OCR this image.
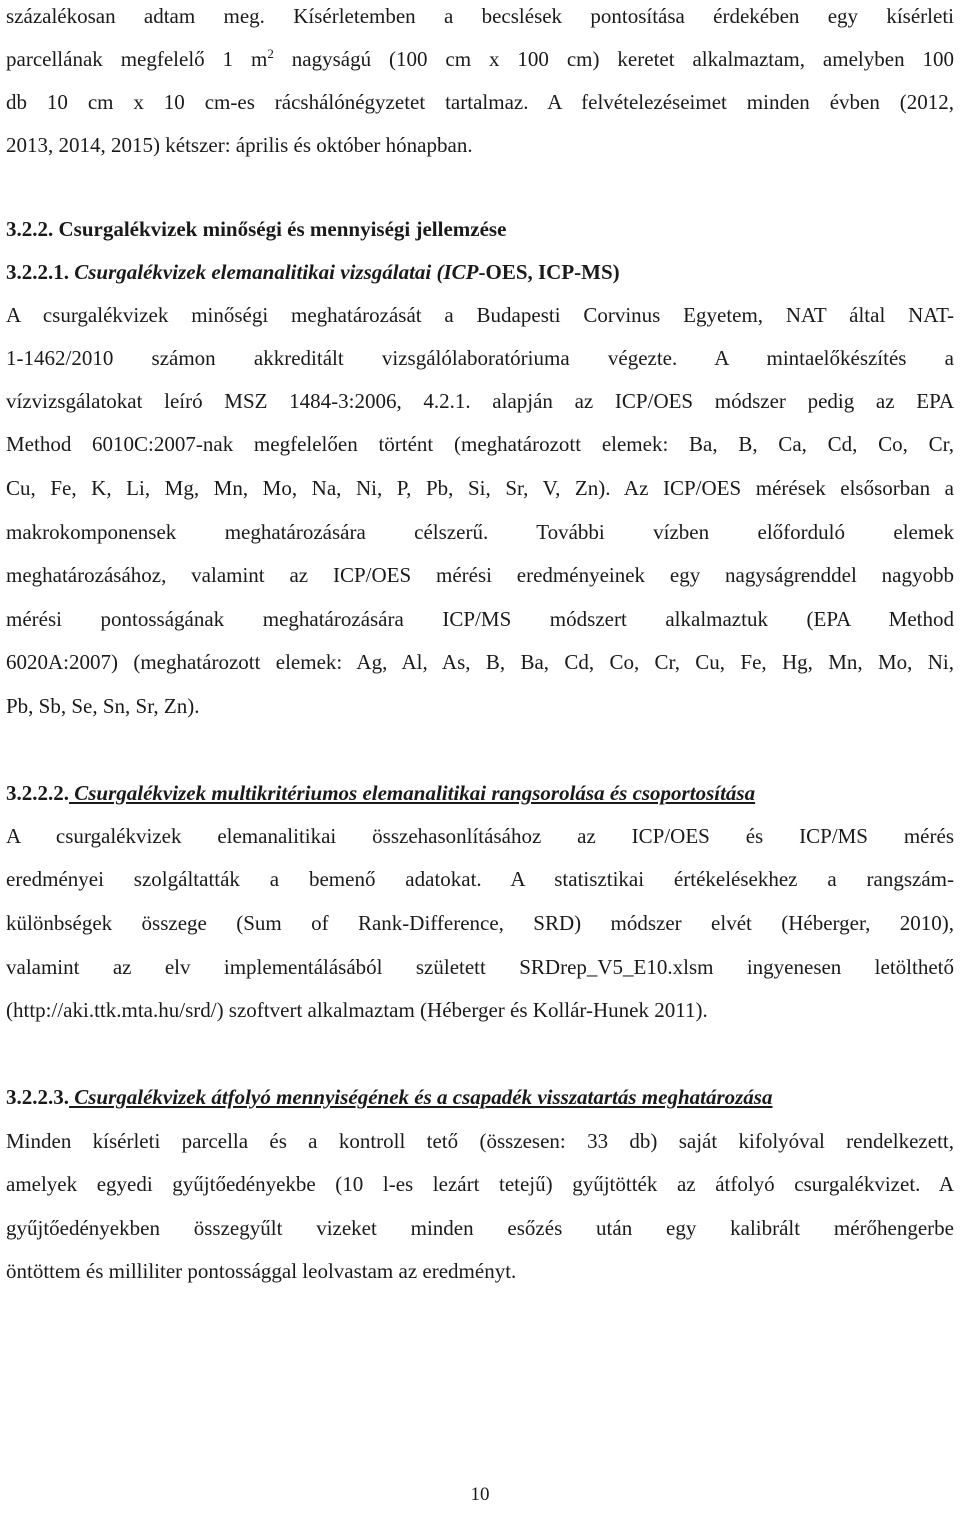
százalékosan adtam meg. Kísérletemben a becslések pontosítása érdekében egy kísérleti
parcellának megfelelő 1 $m^2$ nagyságú (100 cm x 100 cm) keretet alkalmaztam, amelyben 100
db 10 cm x 10 cm-es rácshálónégyzetet tartalmaz. A felvételezéseimet minden évben (2012,
2013, 2014, 2015) kétszer: április és október hónapban.
3.2.2. Csurgalékvizek minőségi és mennyiségi jellemzése
3.2.2.1. Csurgalékvizek elemanalitikai vizsgálatai (ICP-OES, ICP-MS)
A csurgalékvizek minőségi meghatározását a Budapesti Corvinus Egyetem, NAT által NAT-
1-1462/2010 számon akkreditált vizsgálólaboratóriuma végezte. A mintaelőkészítés a
vízvizsgálatokat leíró MSZ 1484-3:2006, 4.2.1. alapján az ICP/OES módszer pedig az EPA
Method 6010C:2007-nak megfelelően történt (meghatározott elemek: Ba, B, Ca, Cd, Co, Cr,
Cu, Fe, K, Li, Mg, Mn, Mo, Na, Ni, P, Pb, Si, Sr, V, Zn). Az ICP/OES mérések elsősorban a
makrokomponensek meghatározására célszerű. További vízben előforduló elemek
meghatározásához, valamint az ICP/OES mérési eredményeinek egy nagyságrenddel nagyobb
mérési pontosságának meghatározására ICP/MS módszert alkalmaztuk (EPA Method
6020A:2007) (meghatározott elemek: Ag, Al, As, B, Ba, Cd, Co, Cr, Cu, Fe, Hg, Mn, Mo, Ni,
Pb, Sb, Se, Sn, Sr, Zn).
3.2.2.2. Csurgalékvizek multikritériumos elemanalitikai rangsorolása és csoportosítása
A csurgalékvizek elemanalitikai összehasonlításához az ICP/OES és ICP/MS mérés
eredményei szolgáltatták a bemenő adatokat. A statisztikai értékelésekhez a rangszám-
különbségek összege (Sum of Rank-Difference, SRD) módszer elvét (Héberger, 2010),
valamint az elv implementálásából született SRDrep_V5_E10.xlsm ingyenesen letölthető
(http://aki.ttk.mta.hu/srd/) szoftvert alkalmaztam (Héberger és Kollár-Hunek 2011).
3.2.2.3. Csurgalékvizek átfolyó mennyiségének és a csapadék visszatartás meghatározása
Minden kísérleti parcella és a kontroll tető (összesen: 33 db) saját kifolyóval rendelkezett,
amelyek egyedi gyűjtőedényekbe (10 l-es lezárt tetejű) gyűjtötték az átfolyó csurgalékvizet. A
gyűjtőedényekben összegyűlt vizeket minden esőzés után egy kalibrált mérőhengerbe
öntöttem és milliliter pontossággal leolvastam az eredményt.
10
